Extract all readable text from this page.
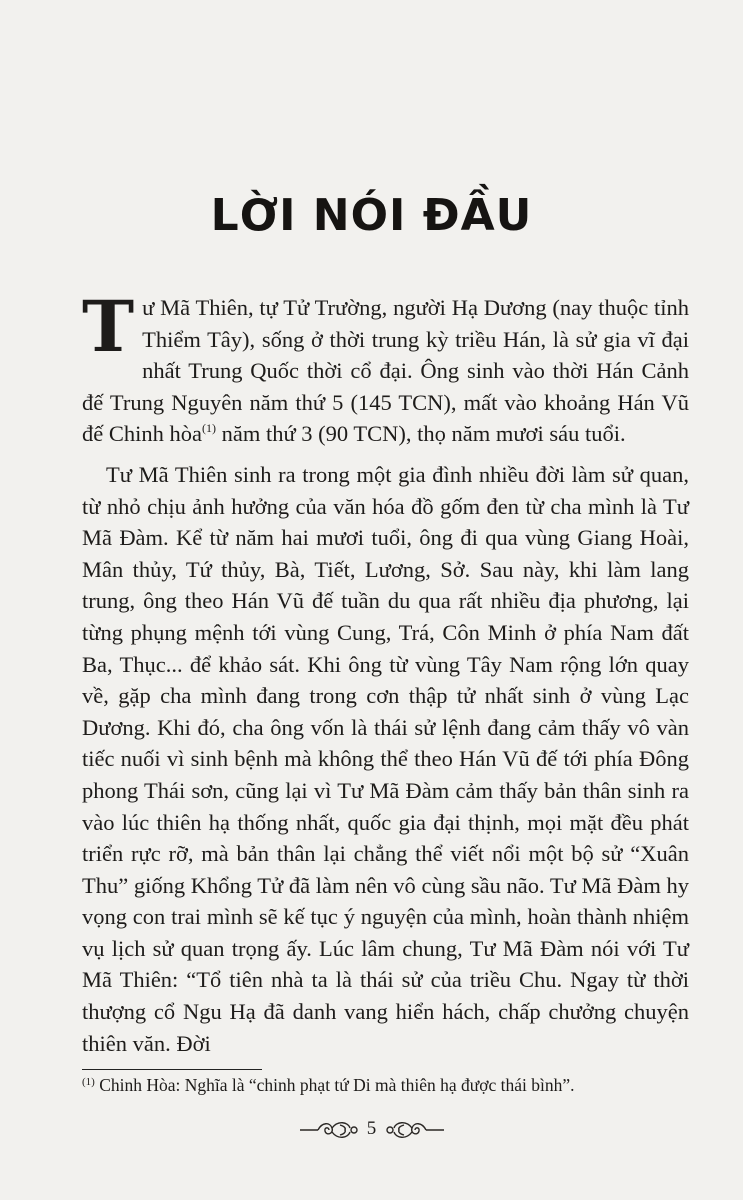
LỜI NÓI ĐẦU

Tư Mã Thiên, tự Tử Trường, người Hạ Dương (nay thuộc tỉnh Thiểm Tây), sống ở thời trung kỳ triều Hán, là sử gia vĩ đại nhất Trung Quốc thời cổ đại. Ông sinh vào thời Hán Cảnh đế Trung Nguyên năm thứ 5 (145 TCN), mất vào khoảng Hán Vũ đế Chinh hòa$^{(1)}$ năm thứ 3 (90 TCN), thọ năm mươi sáu tuổi.

Tư Mã Thiên sinh ra trong một gia đình nhiều đời làm sử quan, từ nhỏ chịu ảnh hưởng của văn hóa đồ gốm đen từ cha mình là Tư Mã Đàm. Kể từ năm hai mươi tuổi, ông đi qua vùng Giang Hoài, Mân thủy, Tứ thủy, Bà, Tiết, Lương, Sở. Sau này, khi làm lang trung, ông theo Hán Vũ đế tuần du qua rất nhiều địa phương, lại từng phụng mệnh tới vùng Cung, Trá, Côn Minh ở phía Nam đất Ba, Thục... để khảo sát. Khi ông từ vùng Tây Nam rộng lớn quay về, gặp cha mình đang trong cơn thập tử nhất sinh ở vùng Lạc Dương. Khi đó, cha ông vốn là thái sử lệnh đang cảm thấy vô vàn tiếc nuối vì sinh bệnh mà không thể theo Hán Vũ đế tới phía Đông phong Thái sơn, cũng lại vì Tư Mã Đàm cảm thấy bản thân sinh ra vào lúc thiên hạ thống nhất, quốc gia đại thịnh, mọi mặt đều phát triển rực rỡ, mà bản thân lại chẳng thể viết nổi một bộ sử “Xuân Thu” giống Khổng Tử đã làm nên vô cùng sầu não. Tư Mã Đàm hy vọng con trai mình sẽ kế tục ý nguyện của mình, hoàn thành nhiệm vụ lịch sử quan trọng ấy. Lúc lâm chung, Tư Mã Đàm nói với Tư Mã Thiên: “Tổ tiên nhà ta là thái sử của triều Chu. Ngay từ thời thượng cổ Ngu Hạ đã danh vang hiển hách, chấp chưởng chuyện thiên văn. Đời

$^{(1)}$ Chinh Hòa: Nghĩa là “chinh phạt tứ Di mà thiên hạ được thái bình”.
5
